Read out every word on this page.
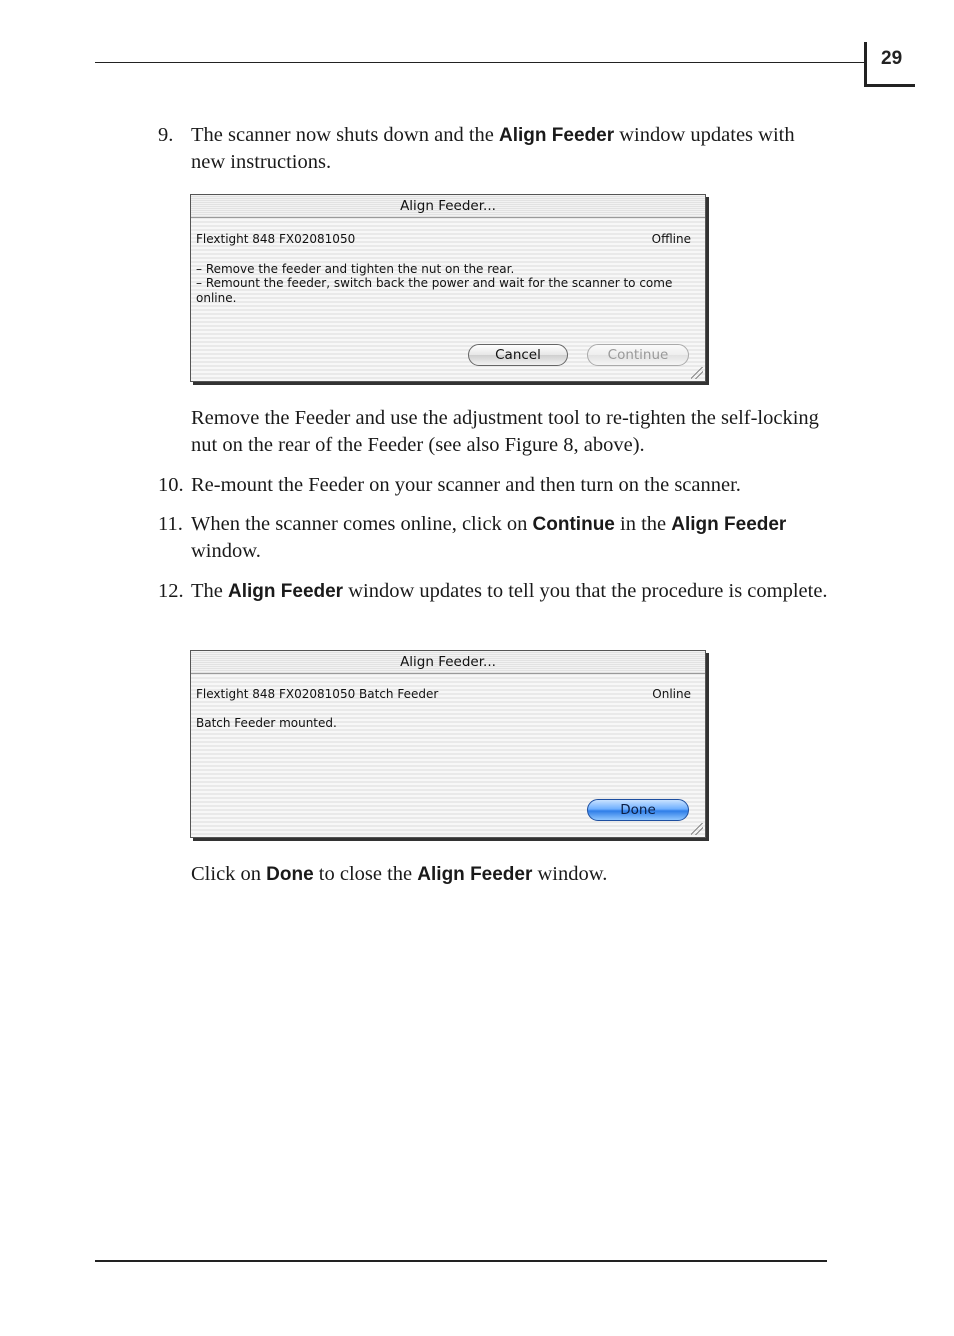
29
9. The scanner now shuts down and the Align Feeder window updates with new instructions.
Align Feeder...
Flextight 848 FX02081050	Offline
– Remove the feeder and tighten the nut on the rear.
– Remount the feeder, switch back the power and wait for the scanner to come
online.
Cancel	Continue
Remove the Feeder and use the adjustment tool to re-tighten the self-locking nut on the rear of the Feeder (see also Figure 8, above).
10. Re-mount the Feeder on your scanner and then turn on the scanner.
11. When the scanner comes online, click on Continue in the Align Feeder window.
12. The Align Feeder window updates to tell you that the procedure is complete.
Align Feeder...
Flextight 848 FX02081050 Batch Feeder	Online
Batch Feeder mounted.
Done
Click on Done to close the Align Feeder window.
